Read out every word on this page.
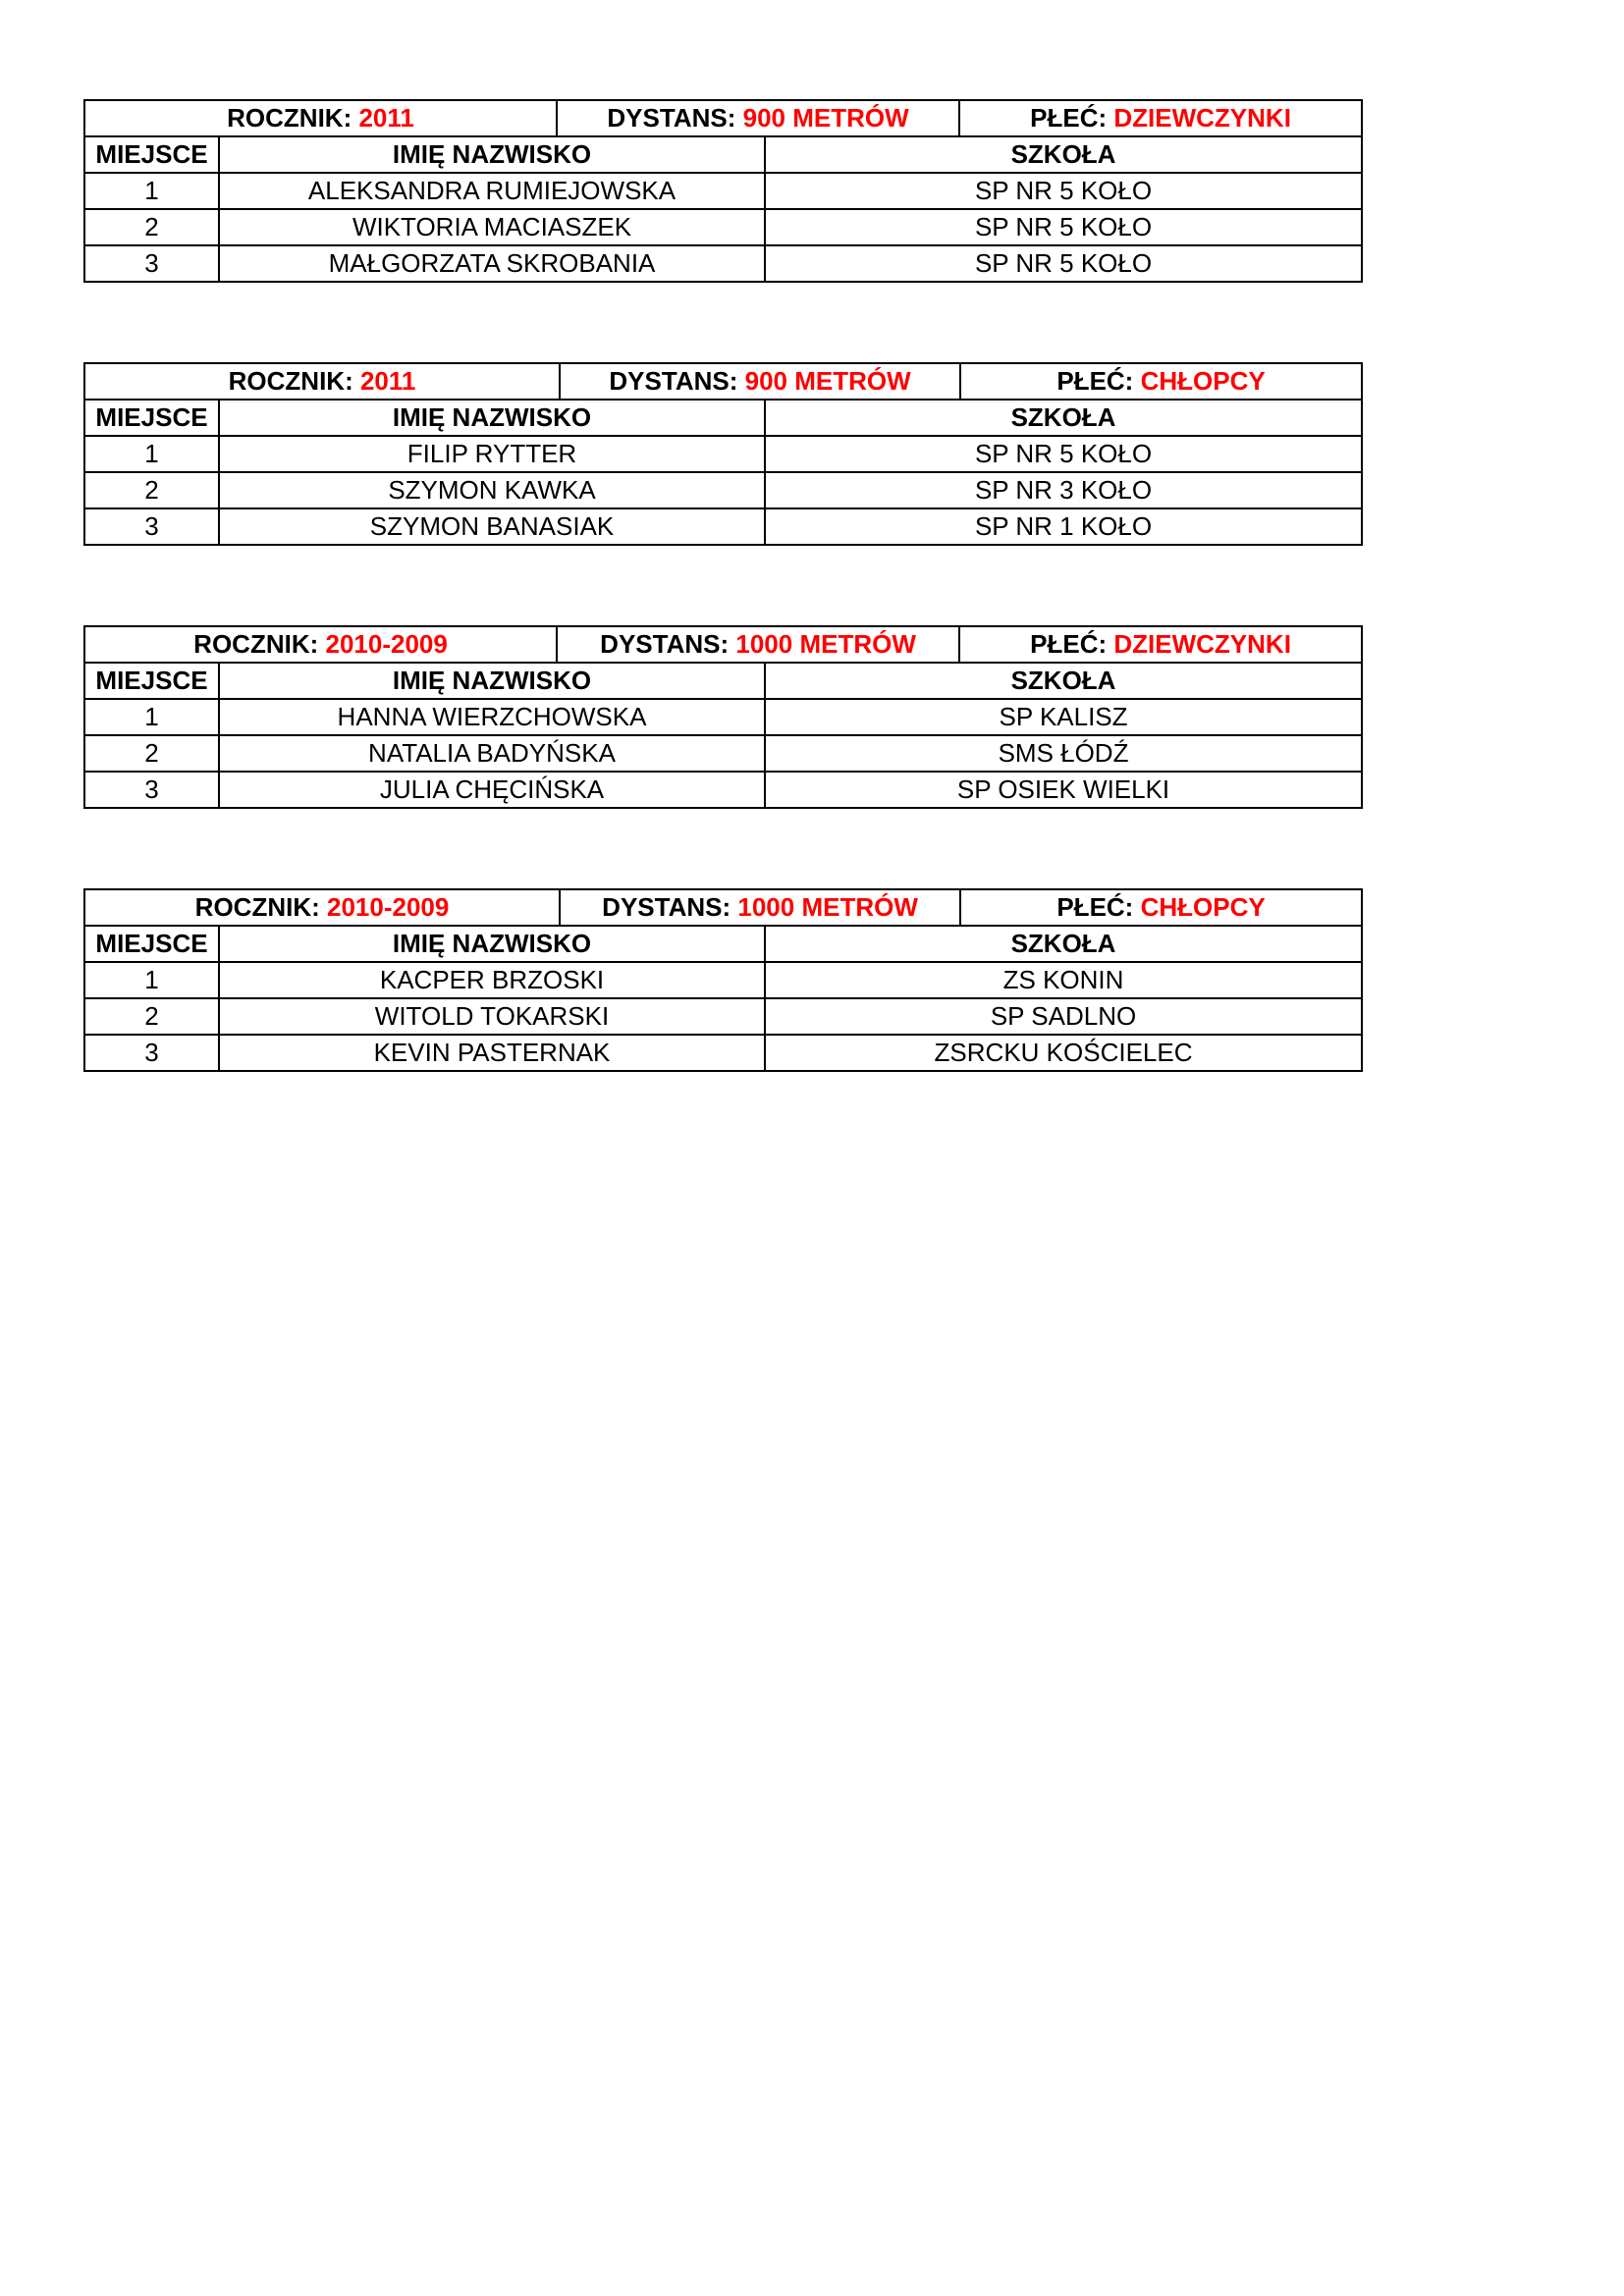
ROCZNIK: 2011		DYSTANS: 900 METRÓW		PŁEĆ: DZIEWCZYNKI
MIEJSCE	IMIĘ NAZWISKO		SZKOŁA	
1	ALEKSANDRA RUMIEJOWSKA		SP NR 5 KOŁO	
2	WIKTORIA MACIASZEK		SP NR 5 KOŁO	
3	MAŁGORZATA SKROBANIA		SP NR 5 KOŁO	
ROCZNIK: 2011		DYSTANS: 900 METRÓW		PŁEĆ: CHŁOPCY
MIEJSCE	IMIĘ NAZWISKO		SZKOŁA	
1	FILIP RYTTER		SP NR 5 KOŁO	
2	SZYMON KAWKA		SP NR 3 KOŁO	
3	SZYMON BANASIAK		SP NR 1 KOŁO	
ROCZNIK: 2010-2009		DYSTANS: 1000 METRÓW		PŁEĆ: DZIEWCZYNKI
MIEJSCE	IMIĘ NAZWISKO		SZKOŁA	
1	HANNA WIERZCHOWSKA		SP KALISZ	
2	NATALIA BADYŃSKA		SMS ŁÓDŹ	
3	JULIA CHĘCIŃSKA		SP OSIEK WIELKI	
ROCZNIK: 2010-2009		DYSTANS: 1000 METRÓW		PŁEĆ: CHŁOPCY
MIEJSCE	IMIĘ NAZWISKO		SZKOŁA	
1	KACPER BRZOSKI		ZS KONIN	
2	WITOLD TOKARSKI		SP SADLNO	
3	KEVIN PASTERNAK		ZSRCKU KOŚCIELEC	
